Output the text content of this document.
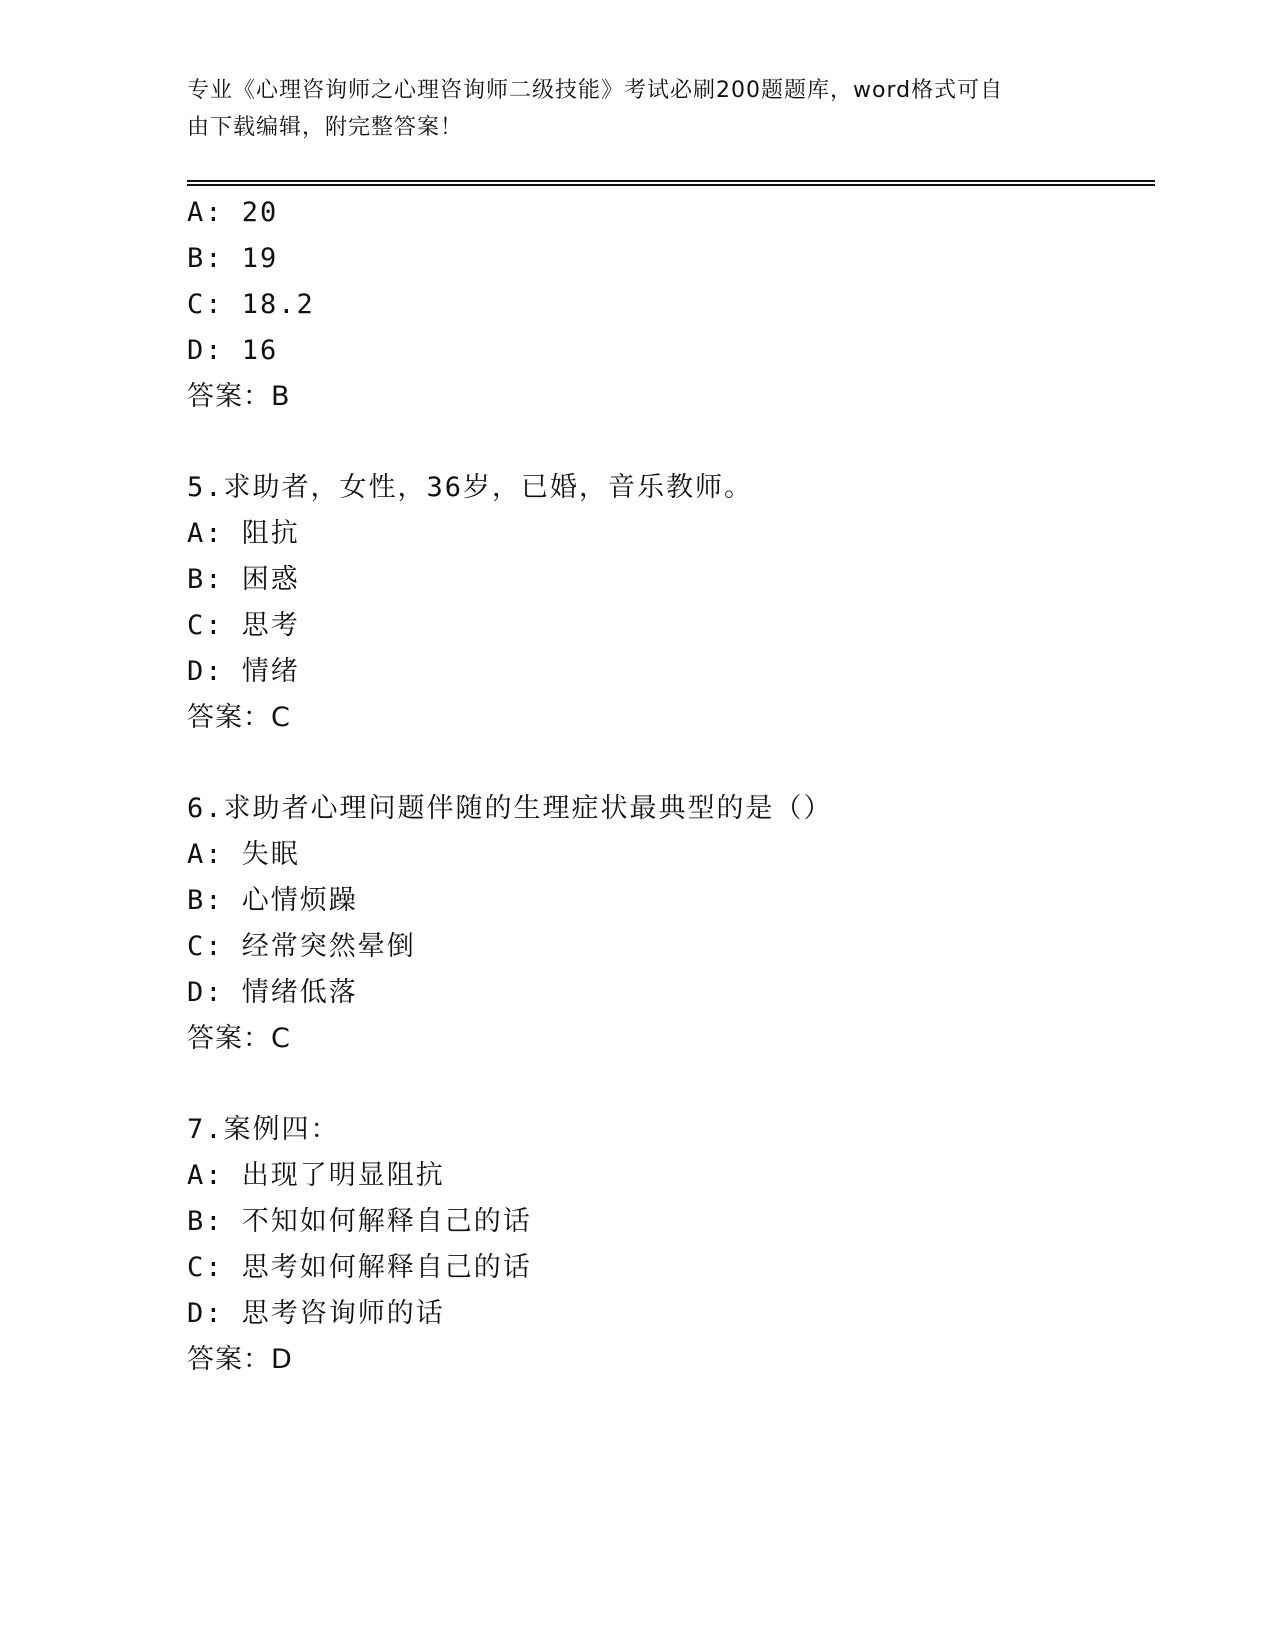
专业《心理咨询师之心理咨询师二级技能》考试必刷200题题库，word格式可自
由下载编辑，附完整答案！
A: 20
B: 19
C: 18.2
D: 16
答案：B
5.求助者，女性，36岁，已婚，音乐教师。
A: 阻抗
B: 困惑
C: 思考
D: 情绪
答案：C
6.求助者心理问题伴随的生理症状最典型的是（）
A: 失眠
B: 心情烦躁
C: 经常突然晕倒
D: 情绪低落
答案：C
7.案例四：
A: 出现了明显阻抗
B: 不知如何解释自己的话
C: 思考如何解释自己的话
D: 思考咨询师的话
答案：D
